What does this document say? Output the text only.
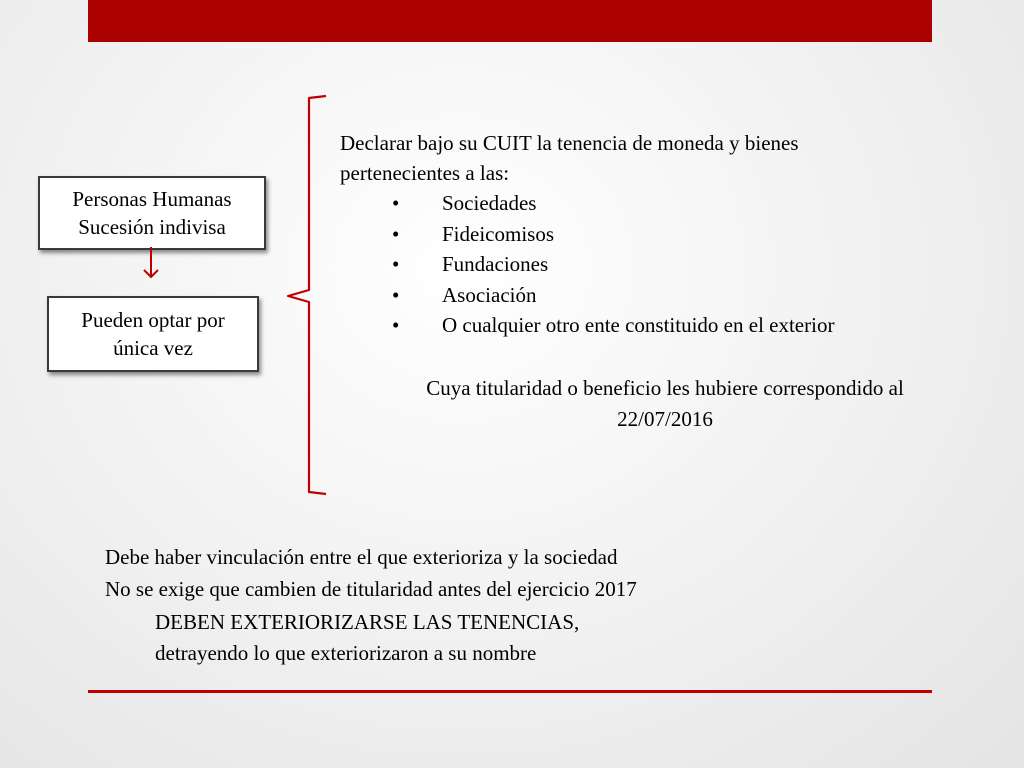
Personas Humanas
Sucesión indivisa
Pueden optar por
única vez
Declarar bajo su CUIT la tenencia de moneda y bienes
pertenecientes a las:
• Sociedades
• Fideicomisos
• Fundaciones
• Asociación
• O cualquier otro ente constituido en el exterior
Cuya titularidad o beneficio les hubiere correspondido al
22/07/2016
Debe haber vinculación entre el que exterioriza y la sociedad
No se exige que cambien de titularidad antes del ejercicio 2017
DEBEN EXTERIORIZARSE LAS TENENCIAS,
detrayendo lo que exteriorizaron a su nombre
